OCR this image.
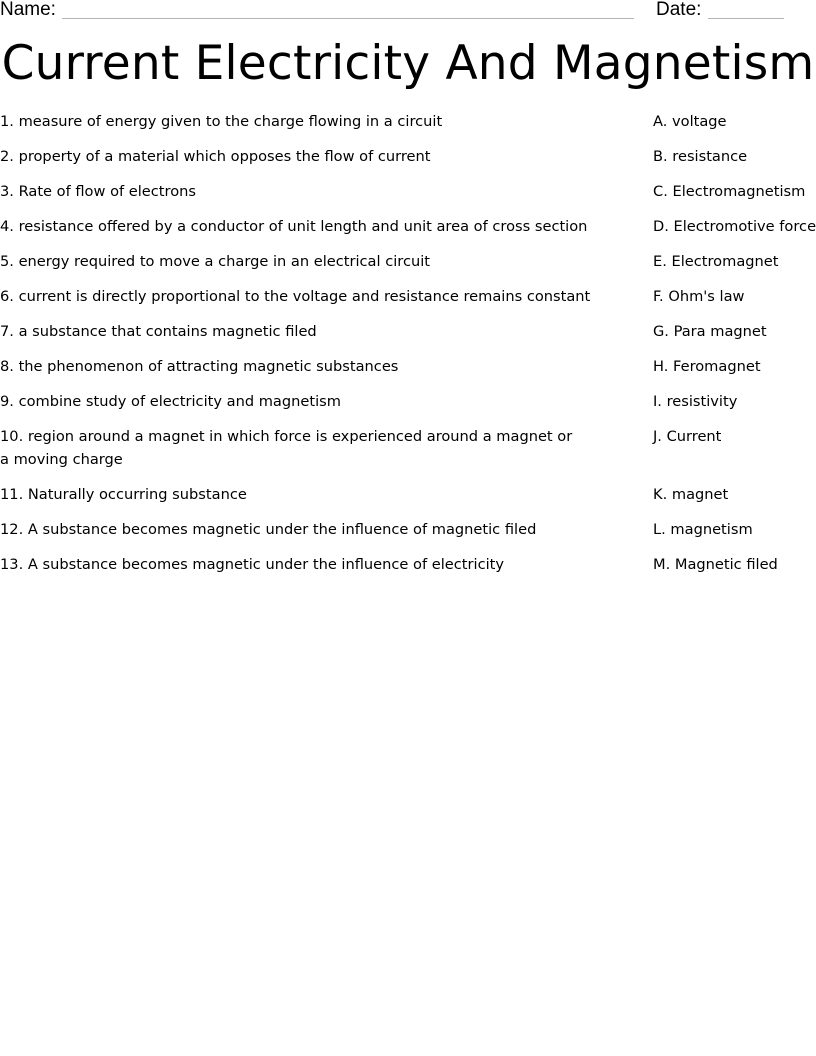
Name:	Date:
Current Electricity And Magnetism
1. measure of energy given to the charge flowing in a circuit
2. property of a material which opposes the flow of current
3. Rate of flow of electrons
4. resistance offered by a conductor of unit length and unit area of cross section
5. energy required to move a charge in an electrical circuit
6. current is directly proportional to the voltage and resistance remains constant
7. a substance that contains magnetic filed
8. the phenomenon of attracting magnetic substances
9. combine study of electricity and magnetism
10. region around a magnet in which force is experienced around a magnet or a moving charge
11. Naturally occurring substance
12. A substance becomes magnetic under the influence of magnetic filed
13. A substance becomes magnetic under the influence of electricity
A. voltage
B. resistance
C. Electromagnetism
D. Electromotive force
E. Electromagnet
F. Ohm's law
G. Para magnet
H. Feromagnet
I. resistivity
J. Current
K. magnet
L. magnetism
M. Magnetic filed
